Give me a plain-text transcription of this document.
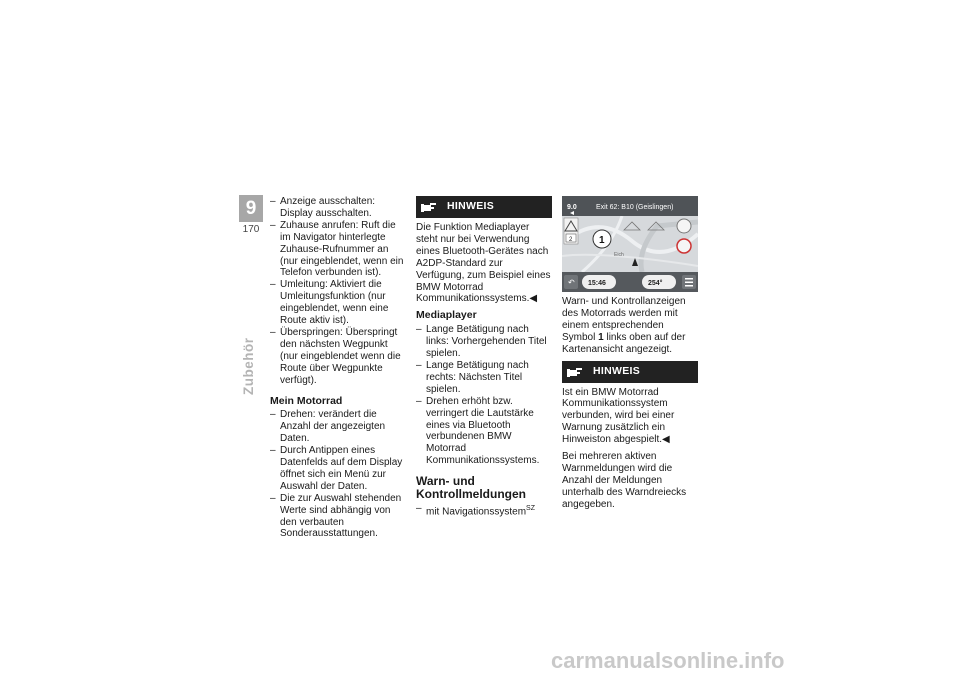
9
170
Zubehör
– Anzeige ausschalten: Display ausschalten.
– Zuhause anrufen: Ruft die im Navigator hinterlegte Zuhause-Rufnummer an (nur eingeblendet, wenn ein Telefon verbunden ist).
– Umleitung: Aktiviert die Umleitungsfunktion (nur eingeblendet, wenn eine Route aktiv ist).
– Überspringen: Überspringt den nächsten Wegpunkt (nur eingeblendet wenn die Route über Wegpunkte verfügt).
Mein Motorrad
– Drehen: verändert die Anzahl der angezeigten Daten.
– Durch Antippen eines Datenfelds auf dem Display öffnet sich ein Menü zur Auswahl der Daten.
– Die zur Auswahl stehenden Werte sind abhängig von den verbauten Sonderausstattungen.
HINWEIS

Die Funktion Mediaplayer steht nur bei Verwendung eines Bluetooth-Gerätes nach A2DP-Standard zur Verfügung, zum Beispiel eines BMW Motorrad Kommunikationssystems.◀

Mediaplayer
– Lange Betätigung nach links: Vorhergehenden Titel spielen.
– Lange Betätigung nach rechts: Nächsten Titel spielen.
– Drehen erhöht bzw. verringert die Lautstärke eines via Bluetooth verbundenen BMW Motorrad Kommunikationssystems.
Warn- und Kontrollmeldungen
– mit Navigationssystem$^{SZ}$
9.0	Exit 62: B10 (Geislingen)
2
Eich
1
↶ 15:46	254°

Warn- und Kontrollanzeigen des Motorrads werden mit einem entsprechenden Symbol 1 links oben auf der Kartenansicht angezeigt.

HINWEIS

Ist ein BMW Motorrad Kommunikationssystem verbunden, wird bei einer Warnung zusätzlich ein Hinweiston abgespielt.◀

Bei mehreren aktiven Warnmeldungen wird die Anzahl der Meldungen unterhalb des Warndreiecks angegeben.

carmanualsonline.info
